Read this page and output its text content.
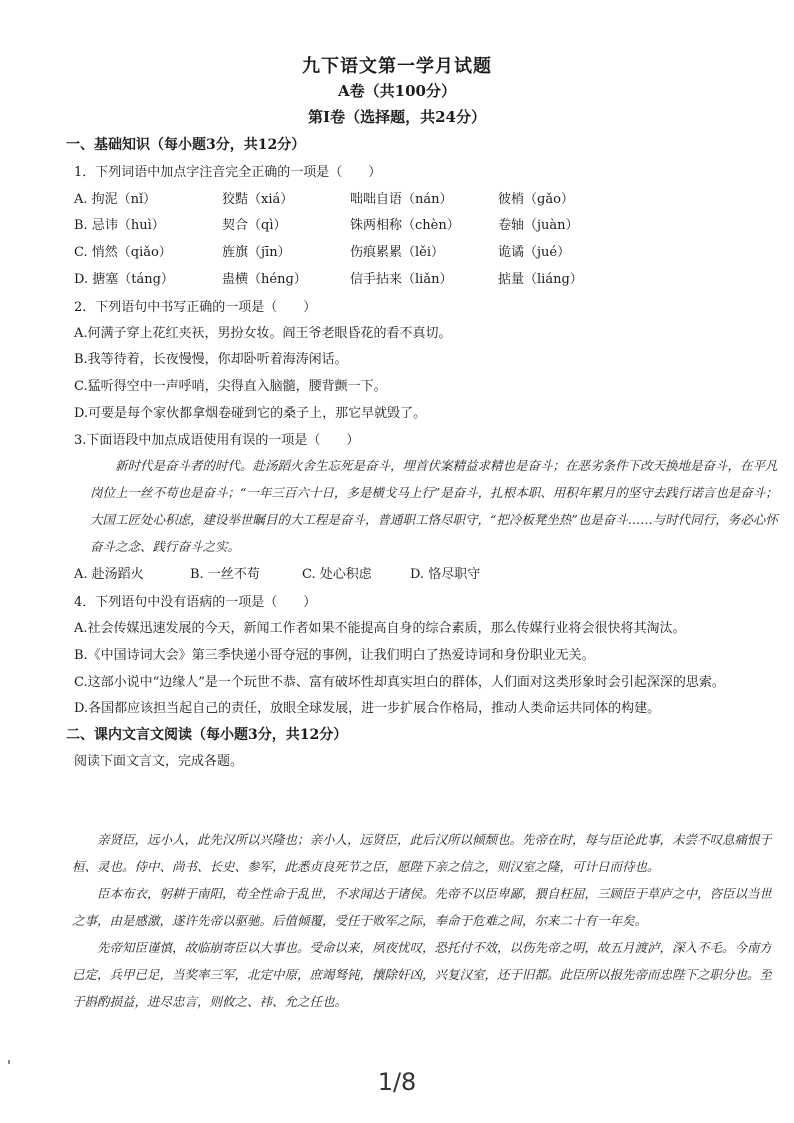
九下语文第一学月试题
A卷（共100分）
第I卷（选择题，共24分）
一、基础知识（每小题3分，共12分）
1．下列词语中加点字注音完全正确的一项是（　　）
A. 拘泥（nǐ）	狡黠（xiá）	咄咄自语（nán）	彼梢（ɡǎo）
B. 忌讳（huì）	契合（qì）	铢两相称（chèn）	卷轴（juàn）
C. 悄然（qiǎo）	旌旗（jīn）	伤痕累累（lěi）	诡谲（jué）
D. 搪塞（táng）	蛊横（hénɡ）	信手拈来（liǎn）	掂量（liánɡ）
2．下列语句中书写正确的一项是（　　）
A.何满子穿上花红夹祆，男扮女妆。阎王爷老眼昏花的看不真切。
B.我等待着，长夜慢慢，你却卧听着海涛闲话。
C.猛听得空中一声呼哨，尖得直入脑髓，腰背颤一下。
D.可要是每个家伙都拿烟卷碰到它的桑子上，那它早就毁了。
3.下面语段中加点成语使用有误的一项是（　　）
新时代是奋斗者的时代。赴汤蹈火舍生忘死是奋斗，埋首伏案精益求精也是奋斗；在恶劣条件下改天换地是奋斗，在平凡岗位上一丝不苟也是奋斗；“一年三百六十日，多是横戈马上行”是奋斗，扎根本职、用积年累月的坚守去践行诺言也是奋斗；大国工匠处心积虑，建设举世瞩目的大工程是奋斗，普通职工恪尽职守，“把冷板凳坐热”也是奋斗……与时代同行，务必心怀奋斗之念、践行奋斗之实。
A. 赴汤蹈火	B. 一丝不苟	C. 处心积虑	D. 恪尽职守
4．下列语句中没有语病的一项是（　　）
A.社会传媒迅速发展的今天，新闻工作者如果不能提高自身的综合素质，那么传媒行业将会很快将其淘汰。
B.《中国诗词大会》第三季快递小哥夺冠的事例，让我们明白了热爱诗词和身份职业无关。
C.这部小说中“边缘人”是一个玩世不恭、富有破坏性却真实坦白的群体，人们面对这类形象时会引起深深的思索。
D.各国都应该担当起自己的责任，放眼全球发展，进一步扩展合作格局，推动人类命运共同体的构建。
二、课内文言文阅读（每小题3分，共12分）
阅读下面文言文，完成各题。
亲贤臣，远小人，此先汉所以兴隆也；亲小人，远贤臣，此后汉所以倾颓也。先帝在时，每与臣论此事，未尝不叹息痛恨于桓、灵也。侍中、尚书、长史、参军，此悉贞良死节之臣，愿陛下亲之信之，则汉室之隆，可计日而待也。
臣本布衣，躬耕于南阳，苟全性命于乱世，不求闻达于诸侯。先帝不以臣卑鄙，猥自枉屈，三顾臣于草庐之中，咨臣以当世之事，由是感激，遂许先帝以驱驰。后值倾覆，受任于败军之际，奉命于危难之间，尔来二十有一年矣。
先帝知臣谨慎，故临崩寄臣以大事也。受命以来，夙夜忧叹，恐托付不效，以伤先帝之明，故五月渡泸，深入不毛。今南方已定，兵甲已足，当奖率三军，北定中原，庶竭驽钝，攘除奸凶，兴复汉室，还于旧都。此臣所以报先帝而忠陛下之职分也。至于斟酌损益，进尽忠言，则攸之、祎、允之任也。
1/8
